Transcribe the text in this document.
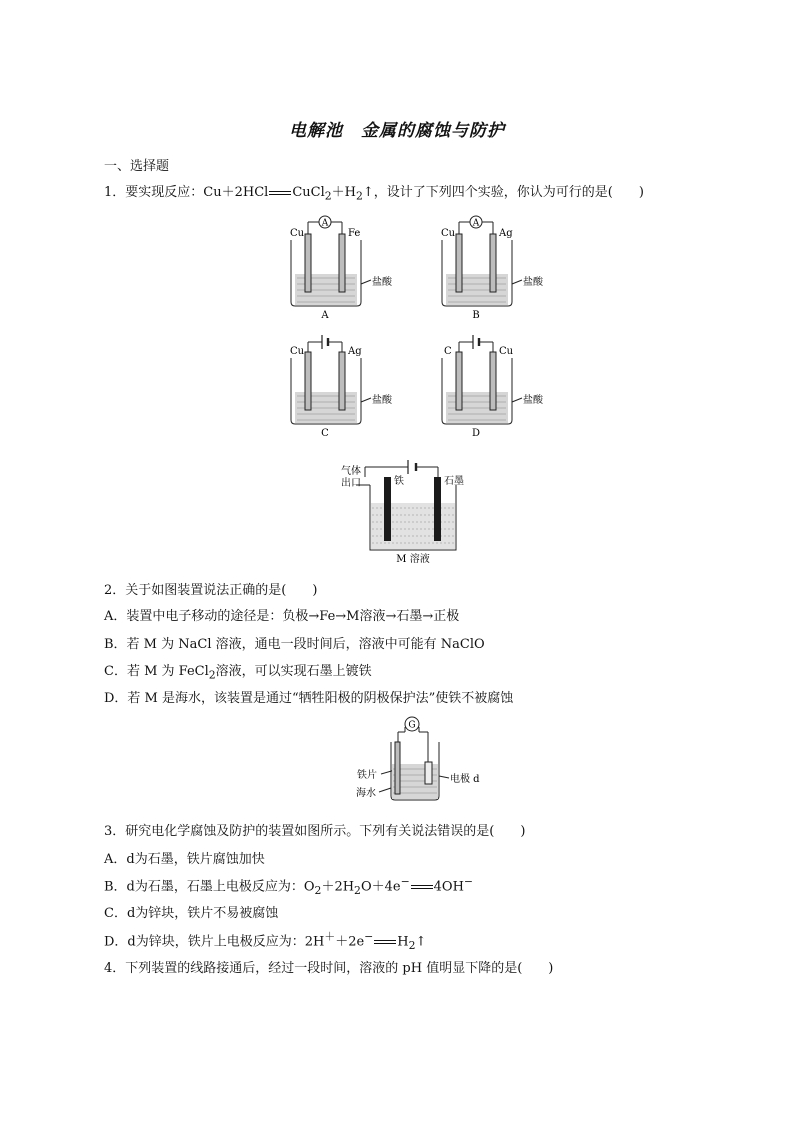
电解池　金属的腐蚀与防护
一、选择题
1．要实现反应：Cu＋2HCl $CuCl_2+H_2↑$，设计了下列四个实验，你认为可行的是(　　)
A
Cu	Fe
盐酸
A
A
Cu	Ag
盐酸
B
Cu	Ag
盐酸
C
C	Cu
盐酸
D
气体
出口	铁	石墨
M 溶液
2．关于如图装置说法正确的是(　　)
A．装置中电子移动的途径是：负极→Fe→M溶液→石墨→正极
B．若 M 为 NaCl 溶液，通电一段时间后，溶液中可能有 NaClO
C．若 M 为 FeCl$_2$溶液，可以实现石墨上镀铁
D．若 M 是海水，该装置是通过“牺牲阳极的阴极保护法”使铁不被腐蚀
G
铁片
海水
电极 d
3．研究电化学腐蚀及防护的装置如图所示。下列有关说法错误的是(　　)
A．d为石墨，铁片腐蚀加快
B．d为石墨，石墨上电极反应为：$O_2+2H_2O+4e^-$ 4OH−
C．d为锌块，铁片不易被腐蚀
D．d为锌块，铁片上电极反应为：2H＋＋2e− $H_2↑$
4．下列装置的线路接通后，经过一段时间，溶液的 pH 值明显下降的是(　　)
